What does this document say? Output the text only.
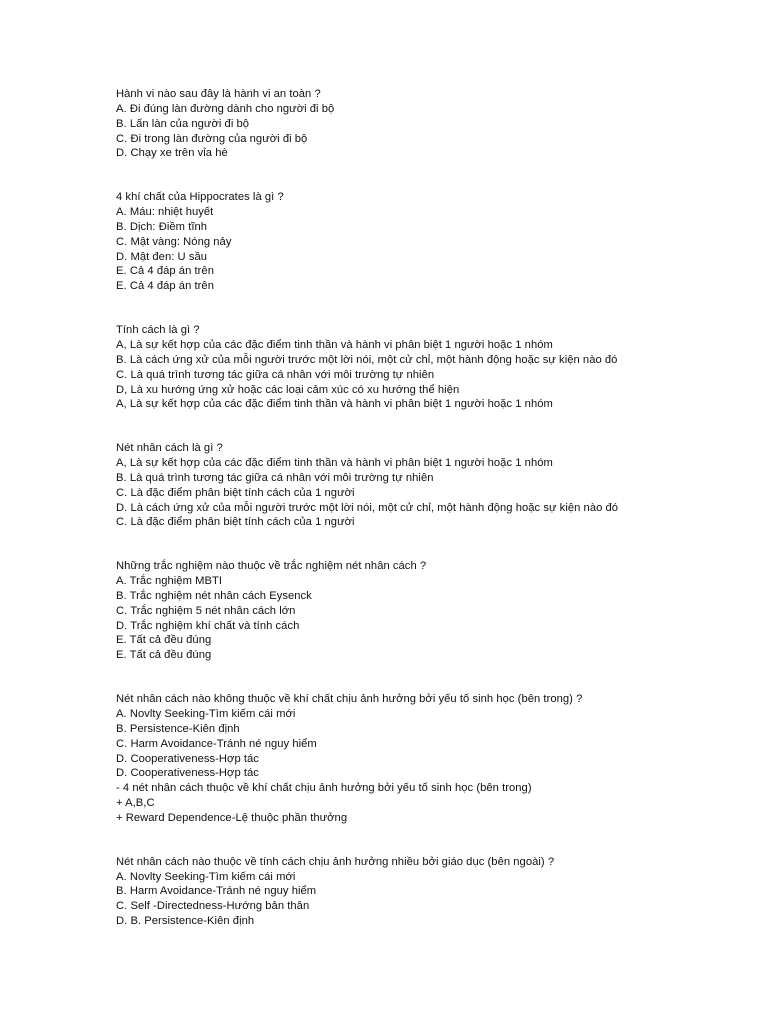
Hành vi nào sau đây là hành vi an toàn ?

A. Đi đúng làn đường dành cho người đi bộ

B. Lấn làn của người đi bộ

C. Đi trong làn đường của người đi bộ

D. Chạy xe trên vỉa hè

4 khí chất của Hippocrates là gì ?

A. Máu: nhiệt huyết

B. Dịch: Điềm tĩnh

C. Mật vàng: Nóng nảy

D. Mật đen: U sầu

E. Cả 4 đáp án trên

E. Cả 4 đáp án trên

Tính cách là gì ?

A, Là sự kết hợp của các đặc điểm tinh thần và hành vi phân biệt 1 người hoặc 1 nhóm

B. Là cách ứng xử của mỗi người trước một lời nói, một cử chỉ, một hành động hoặc sự kiện nào đó

C. Là quá trình tương tác giữa cá nhân với môi trường tự nhiên

D, Là xu hướng ứng xử hoặc các loại cảm xúc có xu hướng thể hiện

A, Là sự kết hợp của các đặc điểm tinh thần và hành vi phân biệt 1 người hoặc 1 nhóm

Nét nhân cách là gì ?

A, Là sự kết hợp của các đặc điểm tinh thần và hành vi phân biệt 1 người hoặc 1 nhóm

B. Là quá trình tương tác giữa cá nhân với môi trường tự nhiên

C. Là đặc điểm phân biệt tính cách của 1 người

D. Là cách ứng xử của mỗi người trước một lời nói, một cử chỉ, một hành động hoặc sự kiện nào đó

C. Là đặc điểm phân biệt tính cách của 1 người

Những trắc nghiệm nào thuộc về trắc nghiệm nét nhân cách ?

A. Trắc nghiệm MBTI

B. Trắc nghiệm nét nhân cách Eysenck

C. Trắc nghiệm 5 nét nhân cách lớn

D. Trắc nghiệm khí chất và tính cách

E. Tất cả đều đúng

E. Tất cả đều đúng

Nét nhân cách nào không thuộc về khí chất chịu ảnh hưởng bởi yếu tố sinh học (bên trong) ?

A. Novlty Seeking-Tìm kiếm cái mới

B. Persistence-Kiên định

C. Harm Avoidance-Tránh né nguy hiểm

D. Cooperativeness-Hợp tác

D. Cooperativeness-Hợp tác

- 4 nét nhân cách thuộc về khí chất chịu ảnh hưởng bởi yếu tố sinh học (bên trong)

+ A,B,C

+ Reward Dependence-Lệ thuộc phần thưởng

Nét nhân cách nào thuộc về tính cách chịu ảnh hưởng nhiều bởi giáo dục (bên ngoài) ?

A. Novlty Seeking-Tìm kiếm cái mới

B. Harm Avoidance-Tránh né nguy hiểm

C. Self -Directedness-Hướng bản thân

D. B. Persistence-Kiên định
